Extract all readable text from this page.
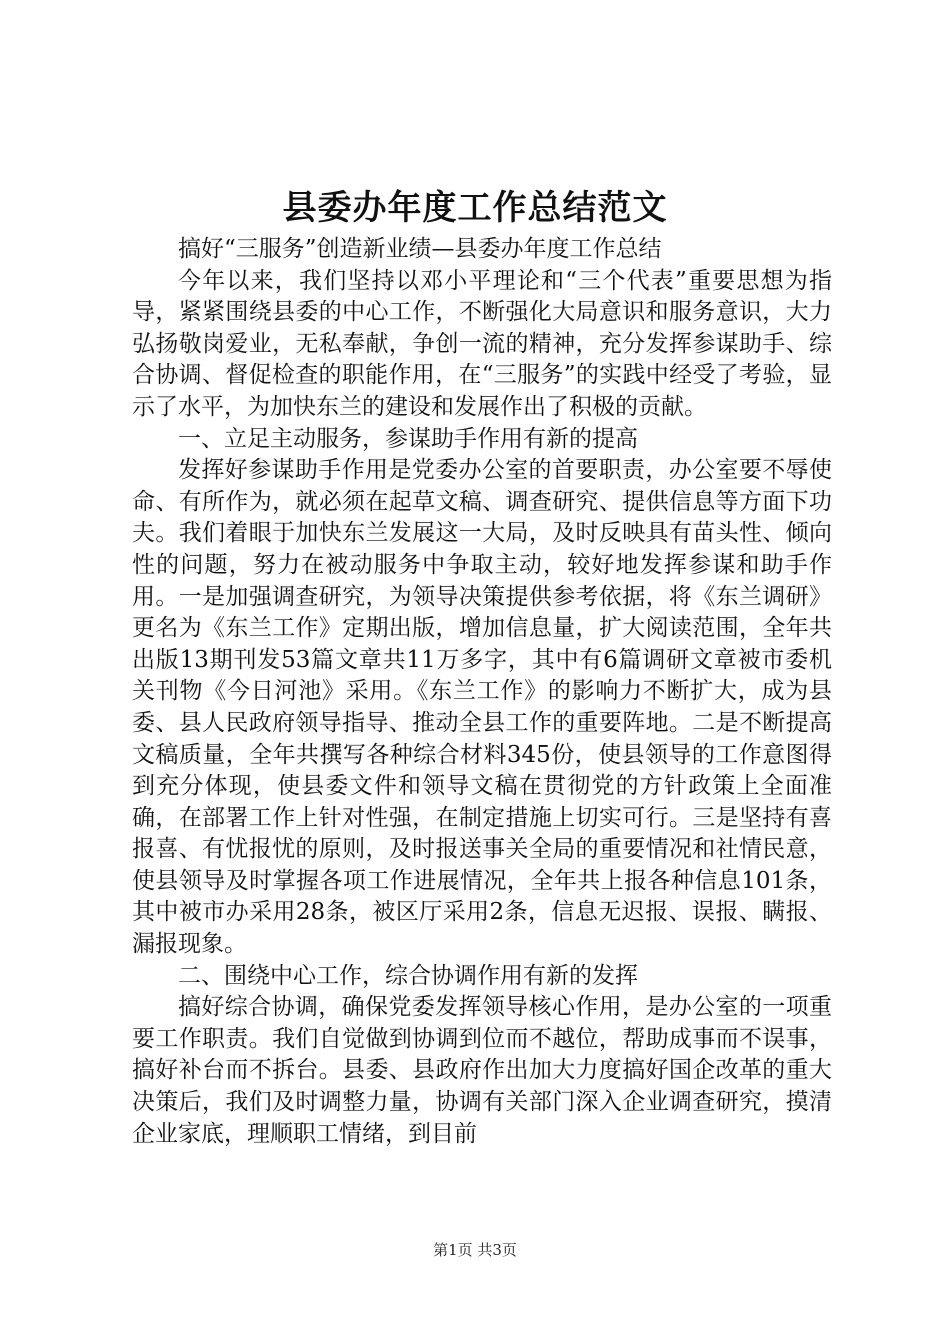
县委办年度工作总结范文

搞好“三服务”创造新业绩—县委办年度工作总结

今年以来，我们坚持以邓小平理论和“三个代表”重要思想为指导，紧紧围绕县委的中心工作，不断强化大局意识和服务意识，大力弘扬敬岗爱业，无私奉献，争创一流的精神，充分发挥参谋助手、综合协调、督促检查的职能作用，在“三服务”的实践中经受了考验，显示了水平，为加快东兰的建设和发展作出了积极的贡献。

一、立足主动服务，参谋助手作用有新的提高

发挥好参谋助手作用是党委办公室的首要职责，办公室要不辱使命、有所作为，就必须在起草文稿、调查研究、提供信息等方面下功夫。我们着眼于加快东兰发展这一大局，及时反映具有苗头性、倾向性的问题，努力在被动服务中争取主动，较好地发挥参谋和助手作用。一是加强调查研究，为领导决策提供参考依据，将《东兰调研》更名为《东兰工作》定期出版，增加信息量，扩大阅读范围，全年共出版13期刊发53篇文章共11万多字，其中有6篇调研文章被市委机关刊物《今日河池》采用。《东兰工作》的影响力不断扩大，成为县委、县人民政府领导指导、推动全县工作的重要阵地。二是不断提高文稿质量，全年共撰写各种综合材料345份，使县领导的工作意图得到充分体现，使县委文件和领导文稿在贯彻党的方针政策上全面准确，在部署工作上针对性强，在制定措施上切实可行。三是坚持有喜报喜、有忧报忧的原则，及时报送事关全局的重要情况和社情民意，使县领导及时掌握各项工作进展情况，全年共上报各种信息101条，其中被市办采用28条，被区厅采用2条，信息无迟报、误报、瞒报、漏报现象。

二、围绕中心工作，综合协调作用有新的发挥

搞好综合协调，确保党委发挥领导核心作用，是办公室的一项重要工作职责。我们自觉做到协调到位而不越位，帮助成事而不误事，搞好补台而不拆台。县委、县政府作出加大力度搞好国企改革的重大决策后，我们及时调整力量，协调有关部门深入企业调查研究，摸清企业家底，理顺职工情绪，到目前

第1页 共3页
